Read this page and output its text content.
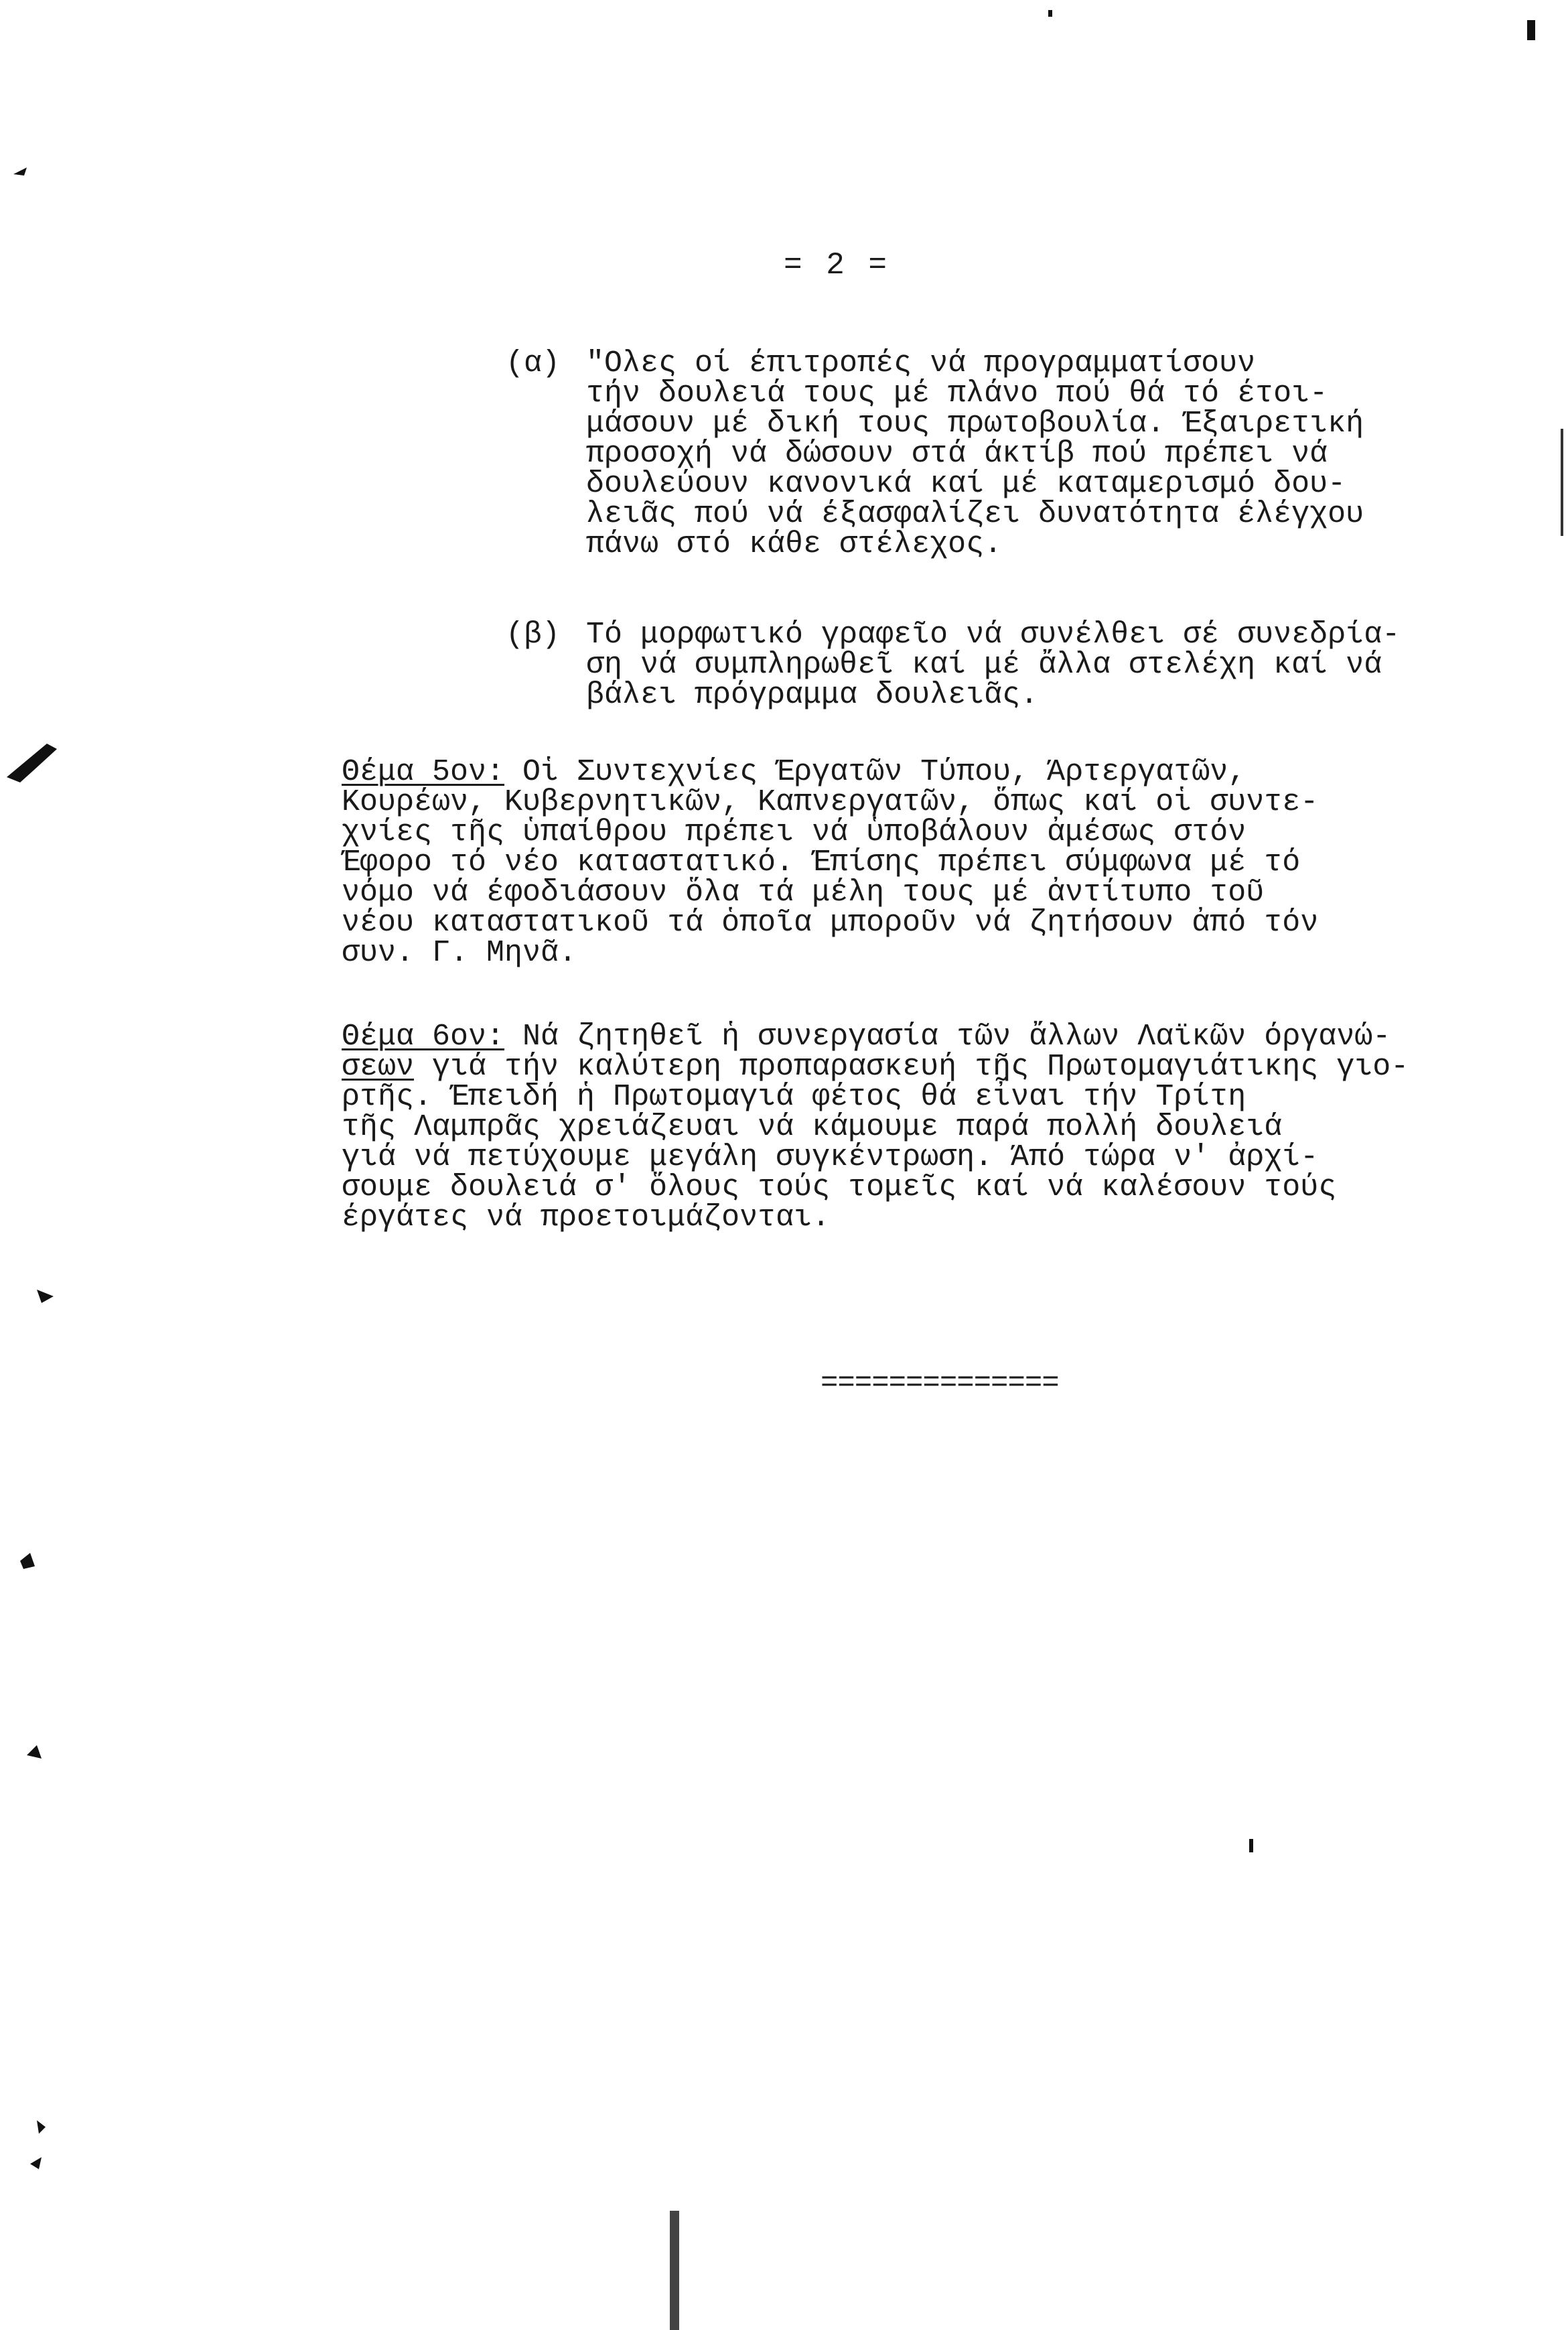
= 2 =
(α) "Ολες οί έπιτροπές νά προγραμματίσουν
τήν δουλειά τους μέ πλάνο πού θά τό έτοι-
μάσουν μέ δική τους πρωτοβουλία. Έξαιρετική
προσοχή νά δώσουν στά άκτίβ πού πρέπει νά
δουλεύουν κανονικά καί μέ καταμερισμό δου-
λειᾶς πού νά έξασφαλίζει δυνατότητα έλέγχου
πάνω στό κάθε στέλεχος.
(β) Τό μορφωτικό γραφεῖο νά συνέλθει σέ συνεδρία-
ση νά συμπληρωθεῖ καί μέ ἄλλα στελέχη καί νά
βάλει πρόγραμμα δουλειᾶς.
Θέμα 5ον: Οἱ Συντεχνίες Έργατῶν Τύπου, Άρτεργατῶν,
Κουρέων, Κυβερνητικῶν, Καπνεργατῶν, ὅπως καί οἱ συντε-
χνίες τῆς ὑπαίθρου πρέπει νά ὑποβάλουν ἀμέσως στόν
Έφορο τό νέο καταστατικό. Έπίσης πρέπει σύμφωνα μέ τό
νόμο νά έφοδιάσουν ὅλα τά μέλη τους μέ ἀντίτυπο τοῦ
νέου καταστατικοῦ τά ὁποῖα μποροῦν νά ζητήσουν ἀπό τόν
συν. Γ. Μηνᾶ.
Θέμα 6ον: Νά ζητηθεῖ ἡ συνεργασία τῶν ἄλλων Λαϊκῶν όργανώ-
σεων γιά τήν καλύτερη προπαρασκευή τῆς Πρωτομαγιάτικης γιο-
ρτῆς. Έπειδή ἡ Πρωτομαγιά φέτος θά εἶναι τήν Τρίτη
τῆς Λαμπρᾶς χρειάζευαι νά κάμουμε παρά πολλή δουλειά
γιά νά πετύχουμε μεγάλη συγκέντρωση. Άπό τώρα ν' ἀρχί-
σουμε δουλειά σ' ὅλους τούς τομεῖς καί νά καλέσουν τούς
έργάτες νά προετοιμάζονται.
==============
